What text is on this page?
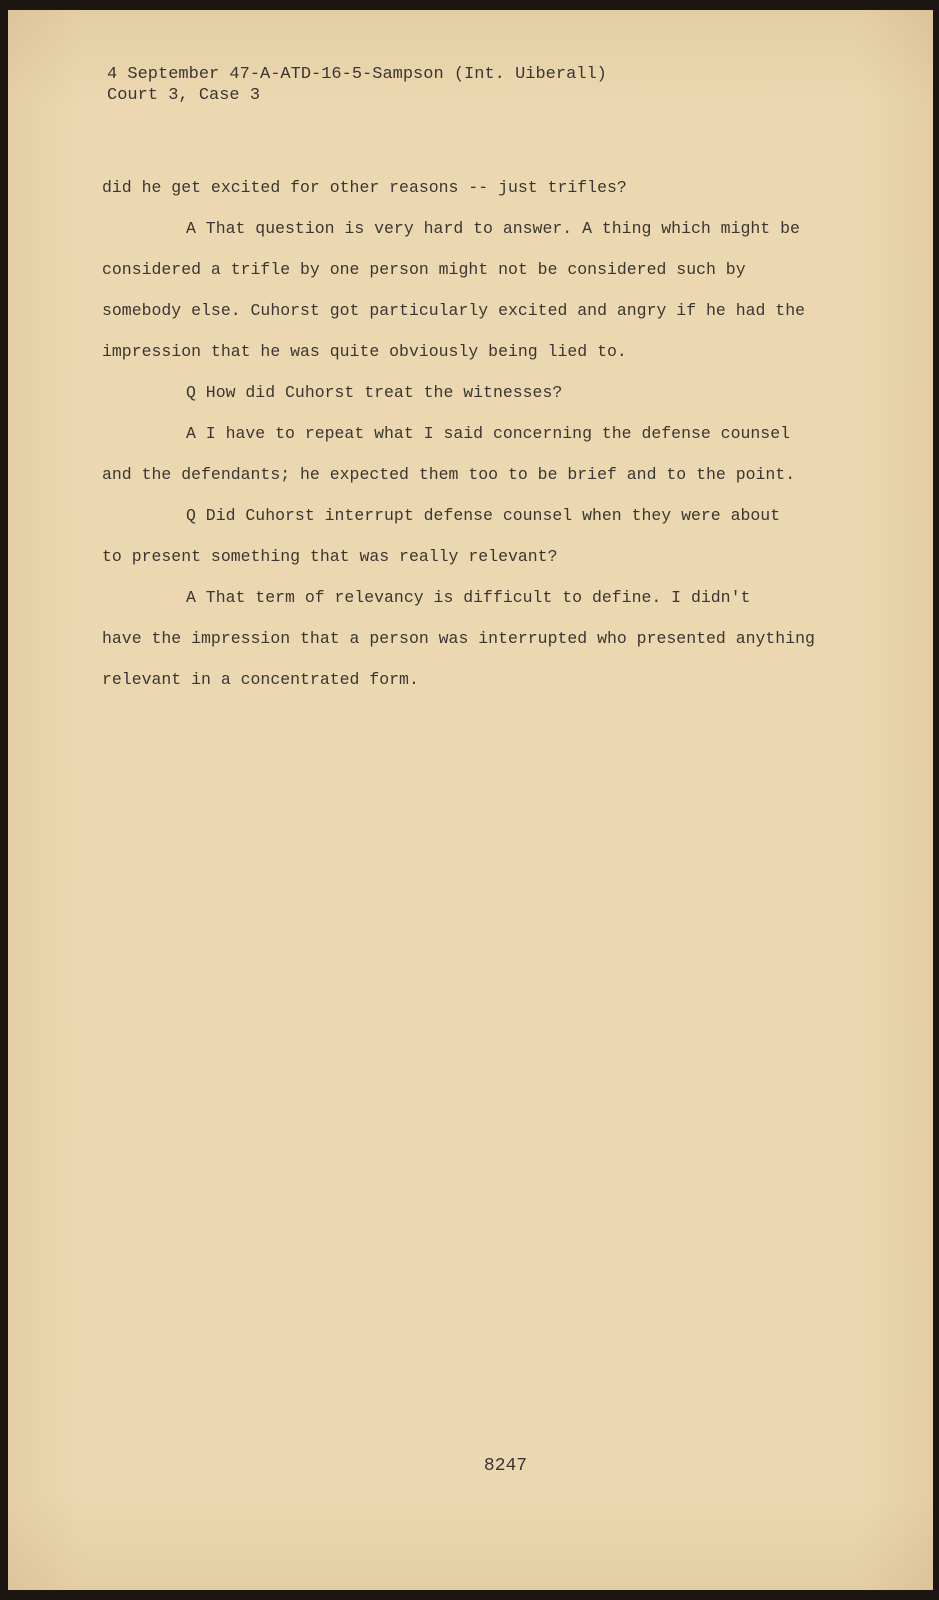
4 September 47-A-ATD-16-5-Sampson (Int. Uiberall)
Court 3, Case 3
did he get excited for other reasons -- just trifles?
A That question is very hard to answer. A thing which might be
considered a trifle by one person might not be considered such by
somebody else. Cuhorst got particularly excited and angry if he had the
impression that he was quite obviously being lied to.
Q How did Cuhorst treat the witnesses?
A I have to repeat what I said concerning the defense counsel
and the defendants; he expected them too to be brief and to the point.
Q Did Cuhorst interrupt defense counsel when they were about
to present something that was really relevant?
A That term of relevancy is difficult to define. I didn't
have the impression that a person was interrupted who presented anything
relevant in a concentrated form.
8247
